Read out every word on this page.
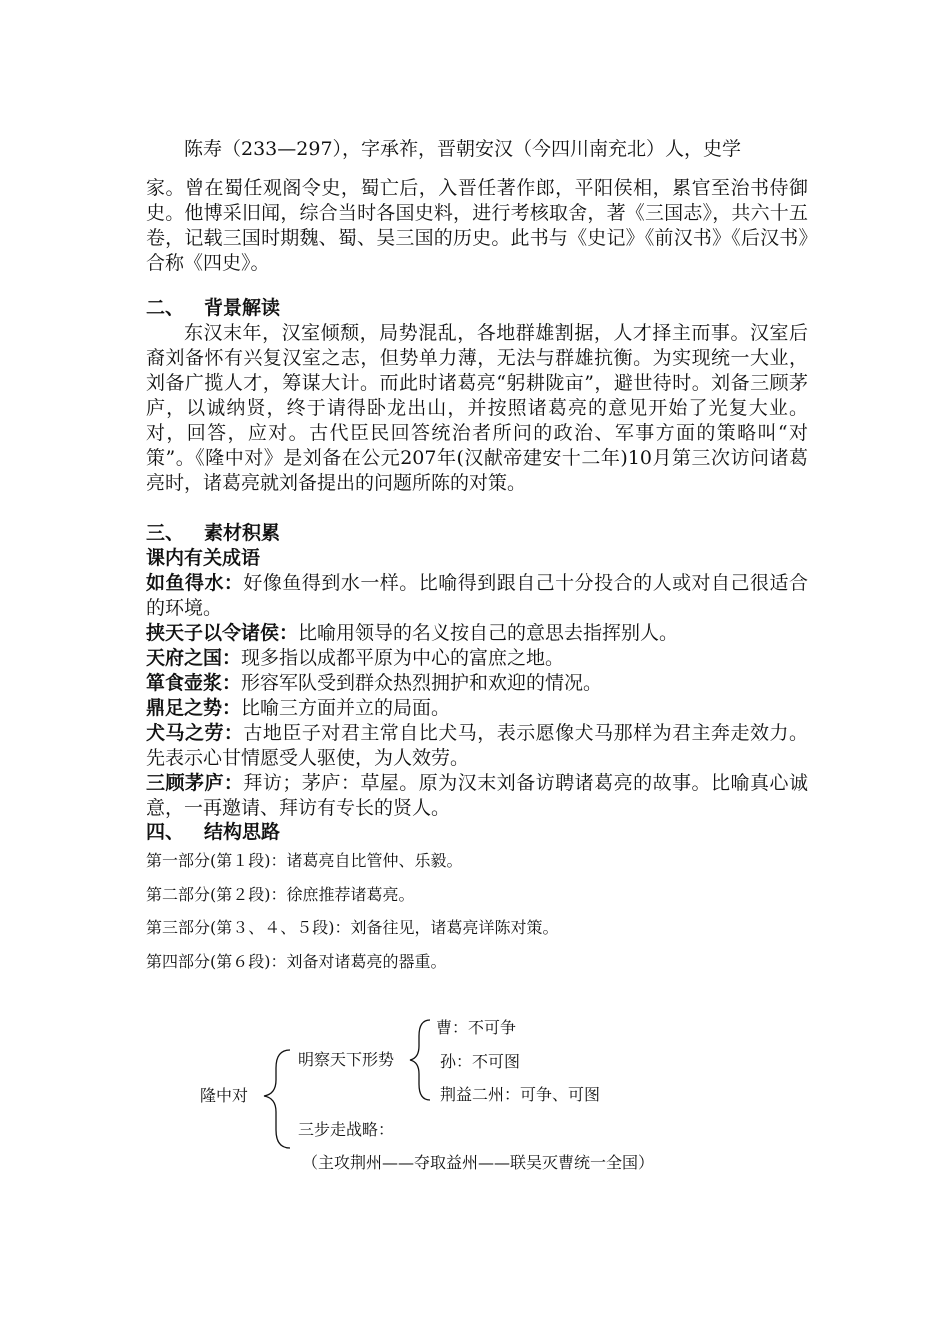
陈寿（233—297），字承祚，晋朝安汉（今四川南充北）人，史学

家。曾在蜀任观阁令史，蜀亡后，入晋任著作郎，平阳侯相，累官至治书侍御史。他博采旧闻，综合当时各国史料，进行考核取舍，著《三国志》，共六十五卷，记载三国时期魏、蜀、吴三国的历史。此书与《史记》《前汉书》《后汉书》合称《四史》。

二、 背景解读

东汉末年，汉室倾颓，局势混乱，各地群雄割据，人才择主而事。汉室后裔刘备怀有兴复汉室之志，但势单力薄，无法与群雄抗衡。为实现统一大业，刘备广揽人才，筹谋大计。而此时诸葛亮“躬耕陇亩”，避世待时。刘备三顾茅庐，以诚纳贤，终于请得卧龙出山，并按照诸葛亮的意见开始了光复大业。对，回答，应对。古代臣民回答统治者所问的政治、军事方面的策略叫“对策”。《隆中对》是刘备在公元207年(汉献帝建安十二年)10月第三次访问诸葛亮时，诸葛亮就刘备提出的问题所陈的对策。

三、 素材积累

课内有关成语

如鱼得水：好像鱼得到水一样。比喻得到跟自己十分投合的人或对自己很适合的环境。

挟天子以令诸侯：比喻用领导的名义按自己的意思去指挥别人。

天府之国：现多指以成都平原为中心的富庶之地。

箪食壶浆：形容军队受到群众热烈拥护和欢迎的情况。

鼎足之势：比喻三方面并立的局面。

犬马之劳：古地臣子对君主常自比犬马，表示愿像犬马那样为君主奔走效力。先表示心甘情愿受人驱使，为人效劳。

三顾茅庐：拜访；茅庐：草屋。原为汉末刘备访聘诸葛亮的故事。比喻真心诚意，一再邀请、拜访有专长的贤人。

四、 结构思路
第一部分(第１段)：诸葛亮自比管仲、乐毅。
第二部分(第２段)：徐庶推荐诸葛亮。
第三部分(第３、４、５段)：刘备往见，诸葛亮详陈对策。
第四部分(第６段)：刘备对诸葛亮的器重。
隆中对
明察天下形势
曹：不可争
孙：不可图
荆益二州：可争、可图
三步走战略：
（主攻荆州——夺取益州——联吴灭曹统一全国）
